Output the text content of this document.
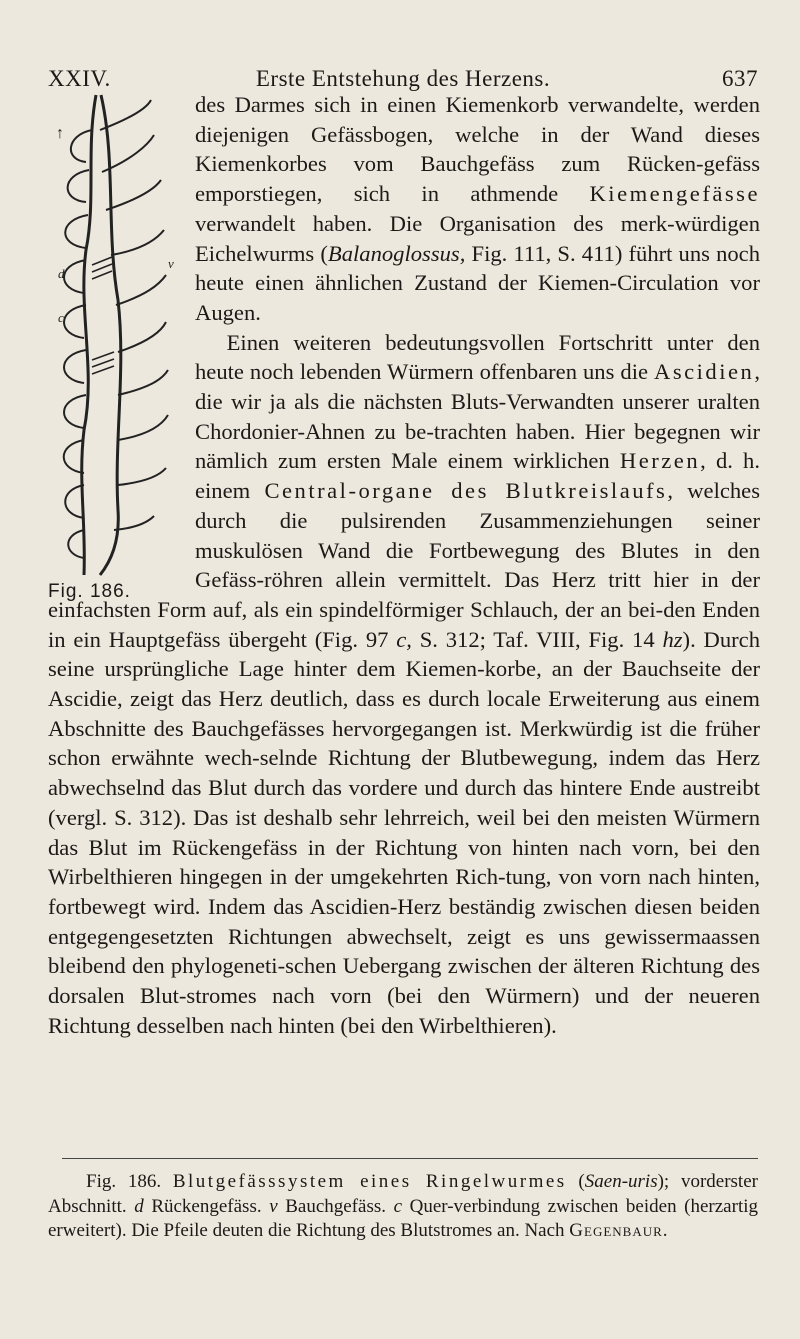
XXIV.	Erste Entstehung des Herzens.	637
v
d
c
↑
Fig. 186.

des Darmes sich in einen Kiemenkorb verwandelte, werden diejenigen Gefässbogen, welche in der Wand dieses Kiemenkorbes vom Bauchgefäss zum Rücken-gefäss emporstiegen, sich in athmende Kiemengefässe verwandelt haben. Die Organisation des merk-würdigen Eichelwurms (Balanoglossus, Fig. 111, S. 411) führt uns noch heute einen ähnlichen Zustand der Kiemen-Circulation vor Augen.

Einen weiteren bedeutungsvollen Fortschritt unter den heute noch lebenden Würmern offenbaren uns die Ascidien, die wir ja als die nächsten Bluts-Verwandten unserer uralten Chordonier-Ahnen zu be-trachten haben. Hier begegnen wir nämlich zum ersten Male einem wirklichen Herzen, d. h. einem Central-organe des Blutkreislaufs, welches durch die pulsirenden Zusammenziehungen seiner muskulösen Wand die Fortbewegung des Blutes in den Gefäss-röhren allein vermittelt. Das Herz tritt hier in der einfachsten Form auf, als ein spindelförmiger Schlauch, der an bei-den Enden in ein Hauptgefäss übergeht (Fig. 97 c, S. 312; Taf. VIII, Fig. 14 hz). Durch seine ursprüngliche Lage hinter dem Kiemen-korbe, an der Bauchseite der Ascidie, zeigt das Herz deutlich, dass es durch locale Erweiterung aus einem Abschnitte des Bauchgefässes hervorgegangen ist. Merkwürdig ist die früher schon erwähnte wech-selnde Richtung der Blutbewegung, indem das Herz abwechselnd das Blut durch das vordere und durch das hintere Ende austreibt (vergl. S. 312). Das ist deshalb sehr lehrreich, weil bei den meisten Würmern das Blut im Rückengefäss in der Richtung von hinten nach vorn, bei den Wirbelthieren hingegen in der umgekehrten Rich-tung, von vorn nach hinten, fortbewegt wird. Indem das Ascidien-Herz beständig zwischen diesen beiden entgegengesetzten Richtungen abwechselt, zeigt es uns gewissermaassen bleibend den phylogeneti-schen Uebergang zwischen der älteren Richtung des dorsalen Blut-stromes nach vorn (bei den Würmern) und der neueren Richtung desselben nach hinten (bei den Wirbelthieren).

Fig. 186. Blutgefässsystem eines Ringelwurmes (Saen-uris); vorderster Abschnitt. d Rückengefäss. v Bauchgefäss. c Quer-verbindung zwischen beiden (herzartig erweitert). Die Pfeile deuten die Richtung des Blutstromes an. Nach Gegenbaur.
